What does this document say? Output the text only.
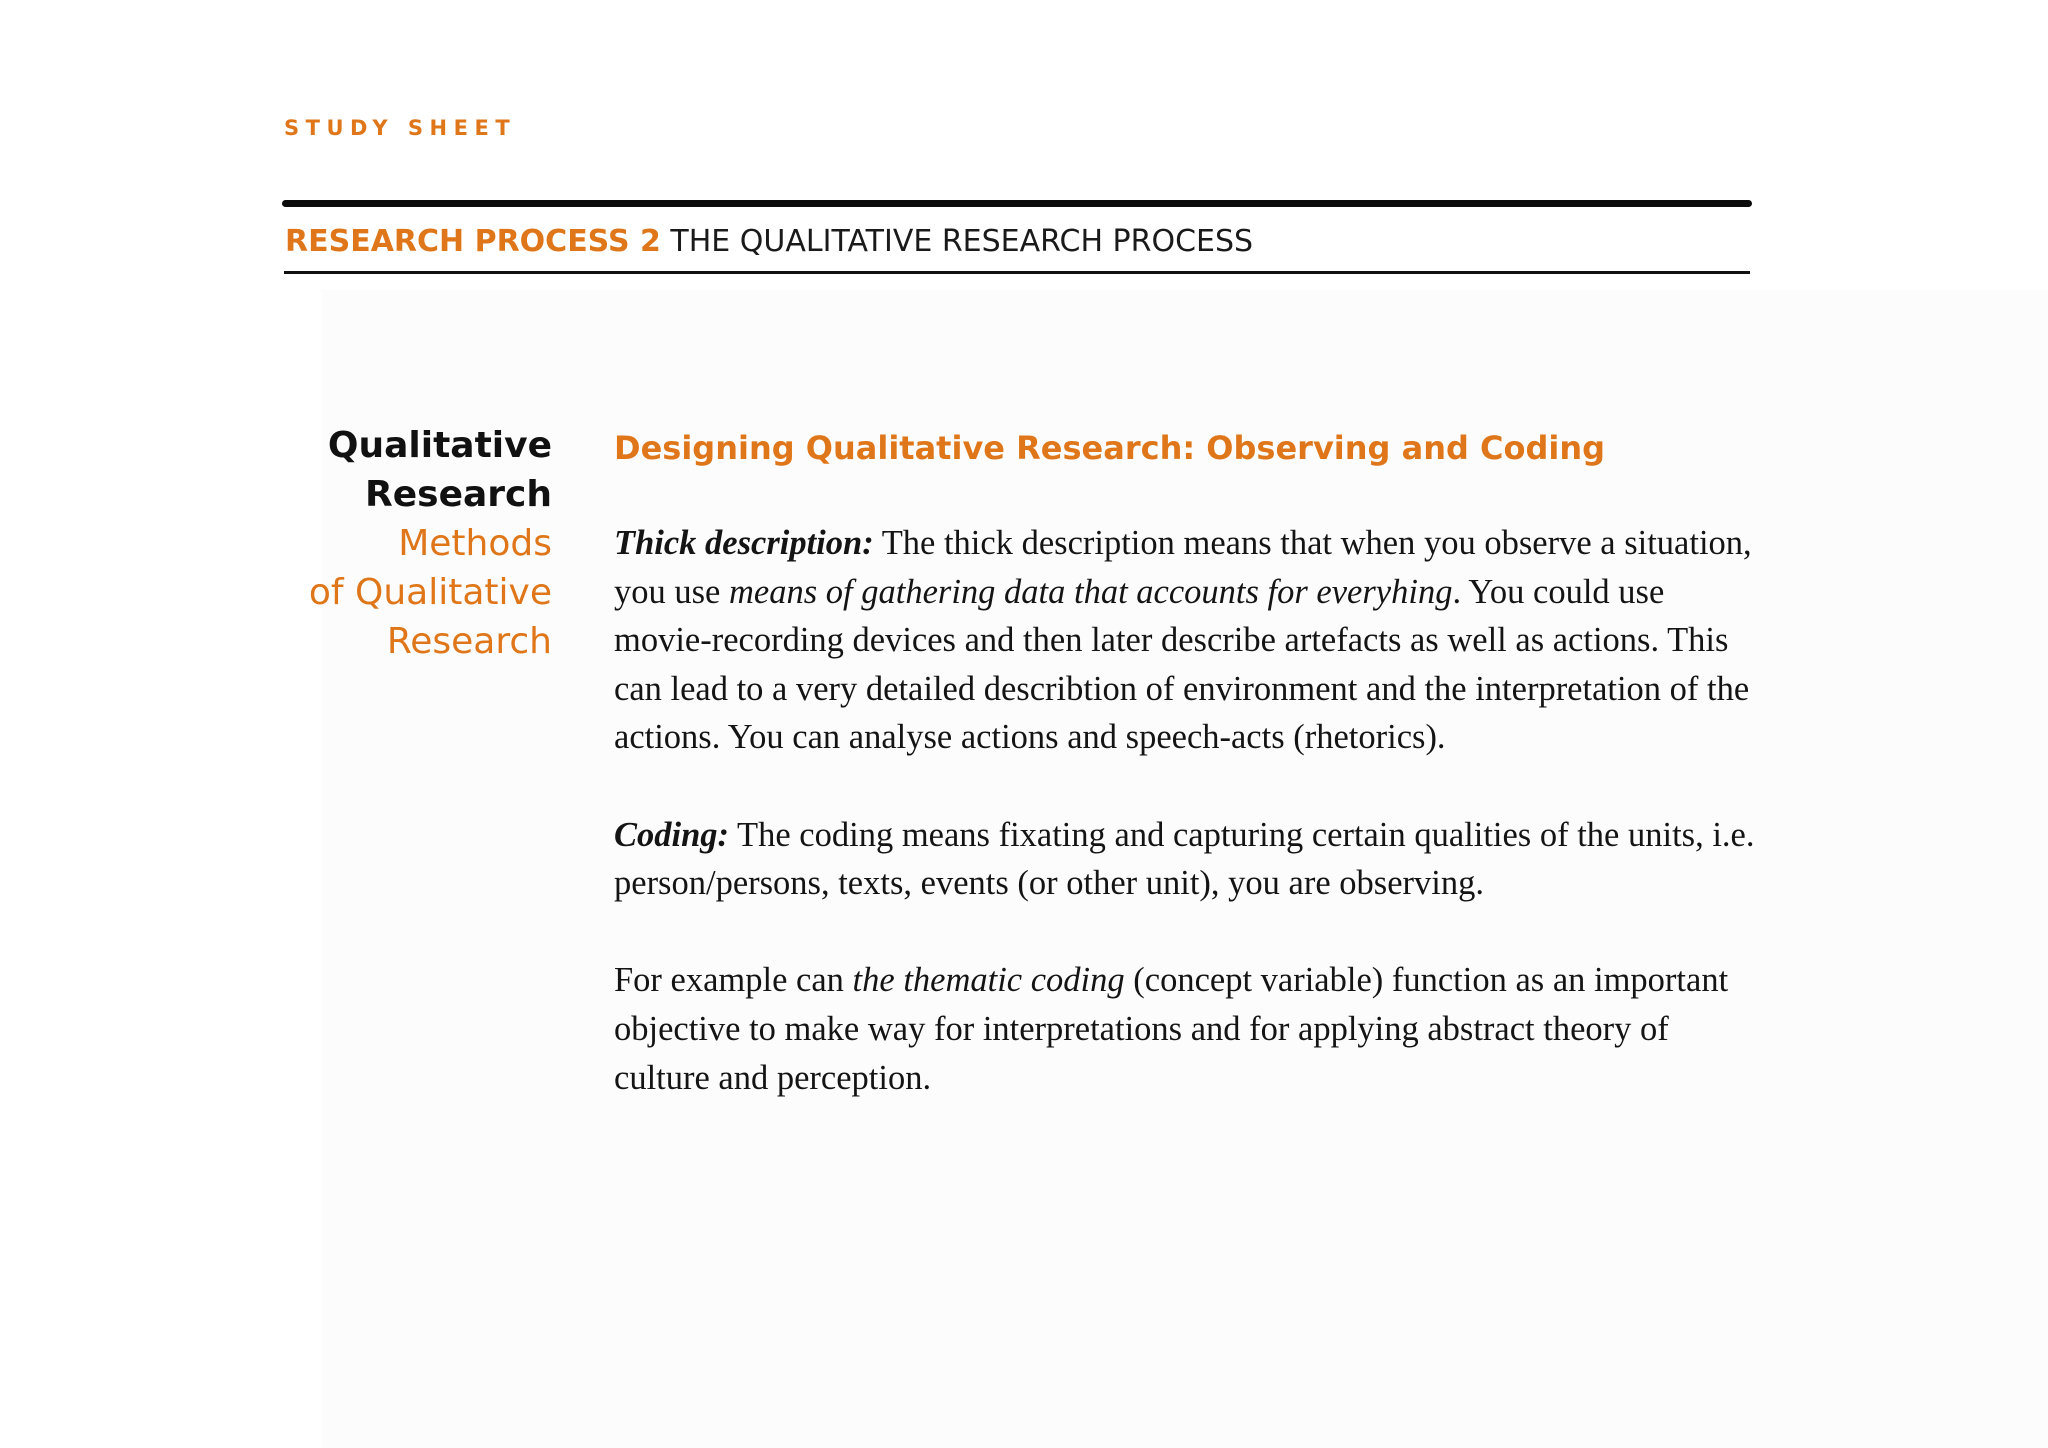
STUDY SHEET
RESEARCH PROCESS 2 THE QUALITATIVE RESEARCH PROCESS
Qualitative
Research
Methods
of Qualitative
Research
Designing Qualitative Research: Observing and Coding

Thick description: The thick description means that when you observe a situation, you use means of gathering data that accounts for everyhing. You could use movie-recording devices and then later describe artefacts as well as actions. This can lead to a very detailed describtion of environment and the interpretation of the actions. You can analyse actions and speech-acts (rhetorics).

Coding: The coding means fixating and capturing certain qualities of the units, i.e. person/persons, texts, events (or other unit), you are observing.

For example can the thematic coding (concept variable) function as an important objective to make way for interpretations and for applying abstract theory of culture and perception.
